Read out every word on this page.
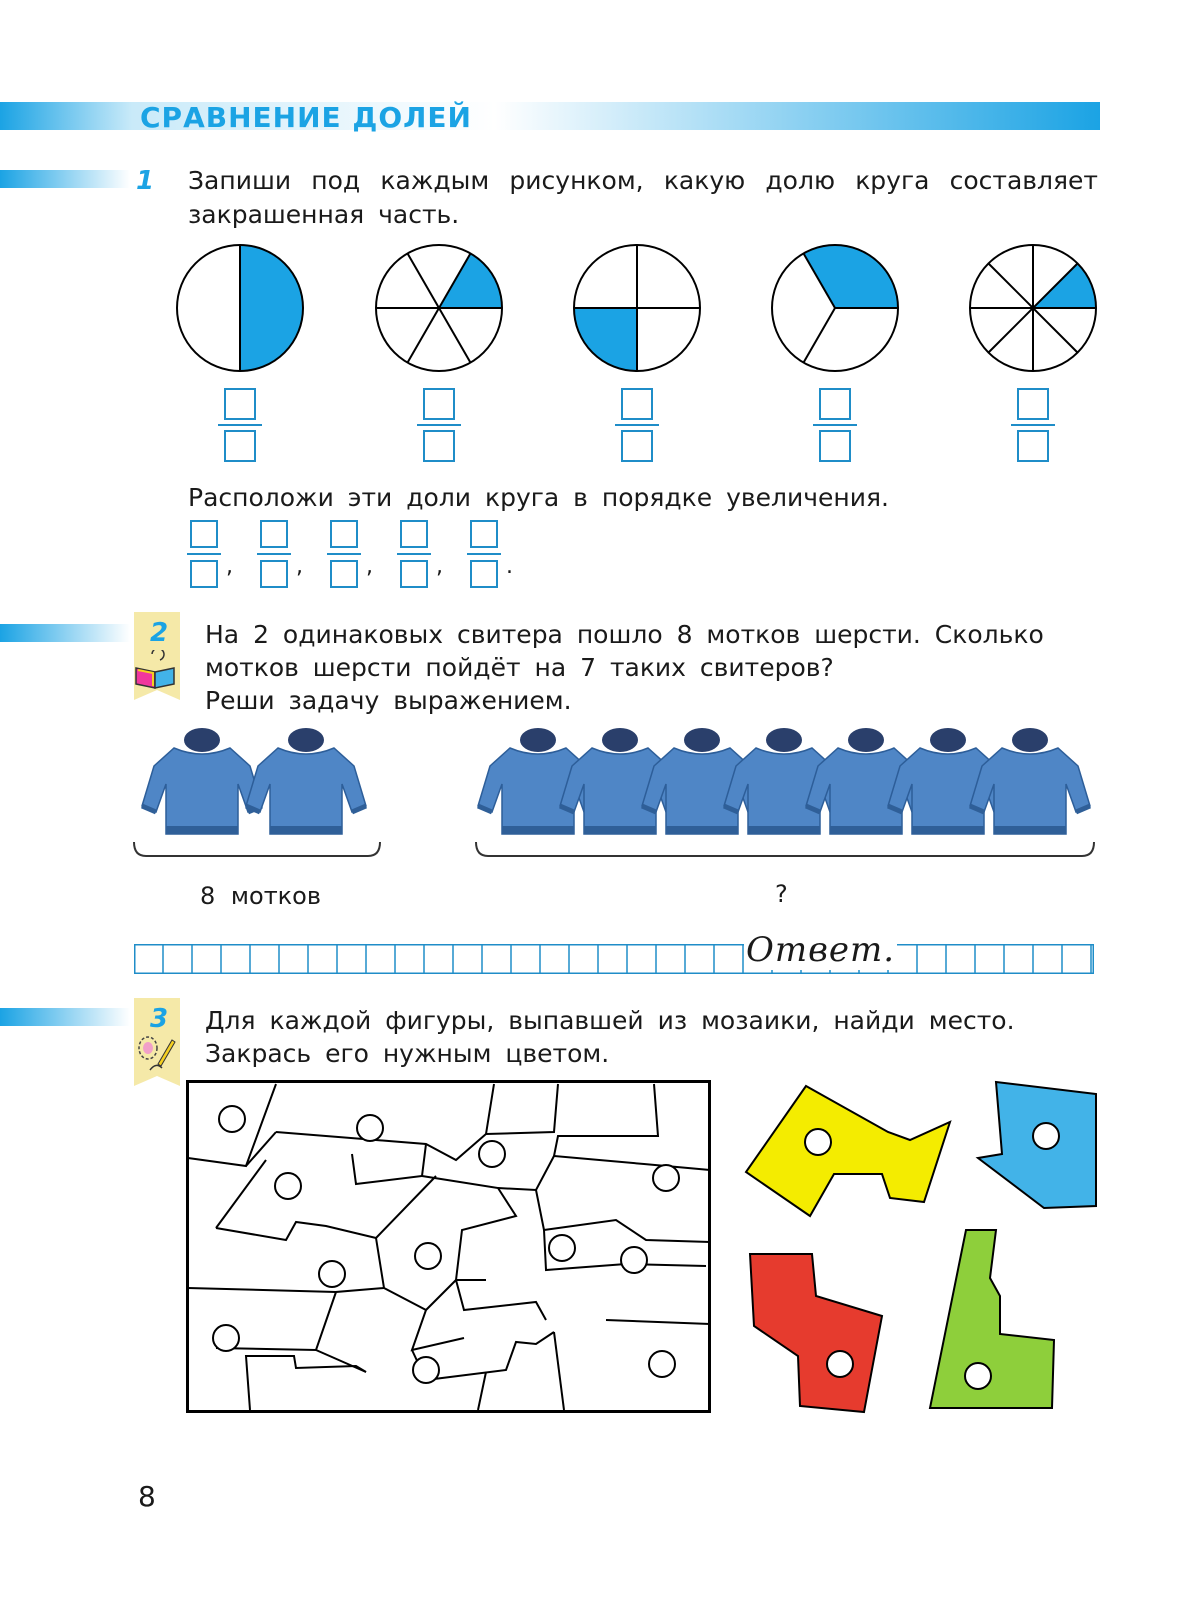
СРАВНЕНИЕ ДОЛЕЙ
1 Запиши под каждым рисунком, какую долю круга составляет закрашенная часть.
Расположи эти доли круга в порядке увеличения.
,	,	,	,	.
2 На 2 одинаковых свитера пошло 8 мотков шерсти. Сколько
мотков шерсти пойдёт на 7 таких свитеров?
Реши задачу выражением.
8 мотков	?
Ответ.
3 Для каждой фигуры, выпавшей из мозаики, найди место.
Закрась его нужным цветом.
8
